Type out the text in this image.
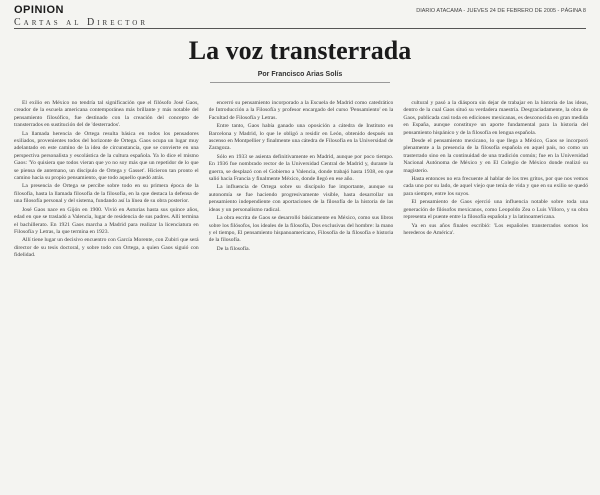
OPINION
Cartas al Director
DIARIO ATACAMA - JUEVES 24 DE FEBRERO DE 2005 - PÁGINA 8
La voz transterrada
Por Francisco Arias Solís

El exilio en México no tendría tal significación que el filósofo José Gaos, creador de la escuela americana contemporánea más brillante y más notable del pensamiento filosófico, fue destinado con la creación del concepto de transterrados en sustitución del de 'desterrados'.

La llamada herencia de Ortega resulta básica en todos los pensadores exiliados, provenientes todos del horizonte de Ortega. Gaos ocupa un lugar muy adelantado en este camino de la idea de circunstancia, que se convierte en una perspectiva personalista y escolástica de la cultura española. Ya lo dice el mismo Gaos: 'Yo quisiera que todos vieran que yo no soy más que un repetidor de lo que se piensa de antemano, un discípulo de Ortega y Gasset'. Hicieron tan pronto el camino hacia su propio pensamiento, que todo aquello quedó atrás.

La presencia de Ortega se percibe sobre todo en su primera época de la filosofía, hasta la llamada filosofía de la filosofía, en la que destaca la defensa de una filosofía personal y del sistema, fundando así la línea de su obra posterior.

José Gaos nace en Gijón en 1900. Vivió en Asturias hasta sus quince años, edad en que se trasladó a Valencia, lugar de residencia de sus padres. Allí termina el bachillerato. En 1921 Gaos marcha a Madrid para realizar la licenciatura en Filosofía y Letras, la que termina en 1923.

Allí tiene lugar un decisivo encuentro con García Morente, con Zubiri que será director de su tesis doctoral, y sobre todo con Ortega, a quien Gaos siguió con fidelidad.

encerró su pensamiento incorporado a la Escuela de Madrid como catedrático de Introducción a la Filosofía y profesor encargado del curso 'Pensamiento' en la Facultad de Filosofía y Letras.

Entre tanto, Gaos había ganado una oposición a cátedra de Instituto en Barcelona y Madrid, lo que le obligó a residir en León, obtenido después un ascenso en Montpellier y finalmente una cátedra de Filosofía en la Universidad de Zaragoza.

Sólo en 1933 se asienta definitivamente en Madrid, aunque por poco tiempo. En 1936 fue nombrado rector de la Universidad Central de Madrid y, durante la guerra, se desplazó con el Gobierno a Valencia, donde trabajó hasta 1938, en que salió hacia Francia y finalmente México, donde llegó en ese año.

La influencia de Ortega sobre su discípulo fue importante, aunque su autonomía se fue haciendo progresivamente visible, hasta desarrollar un pensamiento independiente con aportaciones de la filosofía de la historia de las ideas y un personalismo radical.

La obra escrita de Gaos se desarrolló básicamente en México, como sus libros sobre los filósofos, los ideales de la filosofía, Dos exclusivas del hombre: la mano y el tiempo, El pensamiento hispanoamericano, Filosofía de la filosofía e historia de la filosofía.

De la filosofía.

cultural y pasó a la diáspora sin dejar de trabajar en la historia de las ideas, dentro de la cual Gaos situó su verdadera maestría. Desgraciadamente, la obra de Gaos, publicada casi toda en ediciones mexicanas, es desconocida en gran medida en España, aunque constituye un aporte fundamental para la historia del pensamiento hispánico y de la filosofía en lengua española.

Desde el pensamiento mexicano, lo que llega a México, Gaos se incorporó plenamente a la presencia de la filosofía española en aquel país, no como un trasterrado sino en la continuidad de una tradición común; fue en la Universidad Nacional Autónoma de México y en El Colegio de México donde realizó su magisterio.

Hasta entonces no era frecuente al hablar de los tres gritos, por que nos vemos cada uno por su lado, de aquel viejo que tenía de vida y que en su exilio se quedó para siempre, entre los suyos.

El pensamiento de Gaos ejerció una influencia notable sobre toda una generación de filósofos mexicanos, como Leopoldo Zea o Luis Villoro, y su obra representa el puente entre la filosofía española y la latinoamericana.

Ya en sus años finales escribió: 'Los españoles transterrados somos los herederos de América'.
